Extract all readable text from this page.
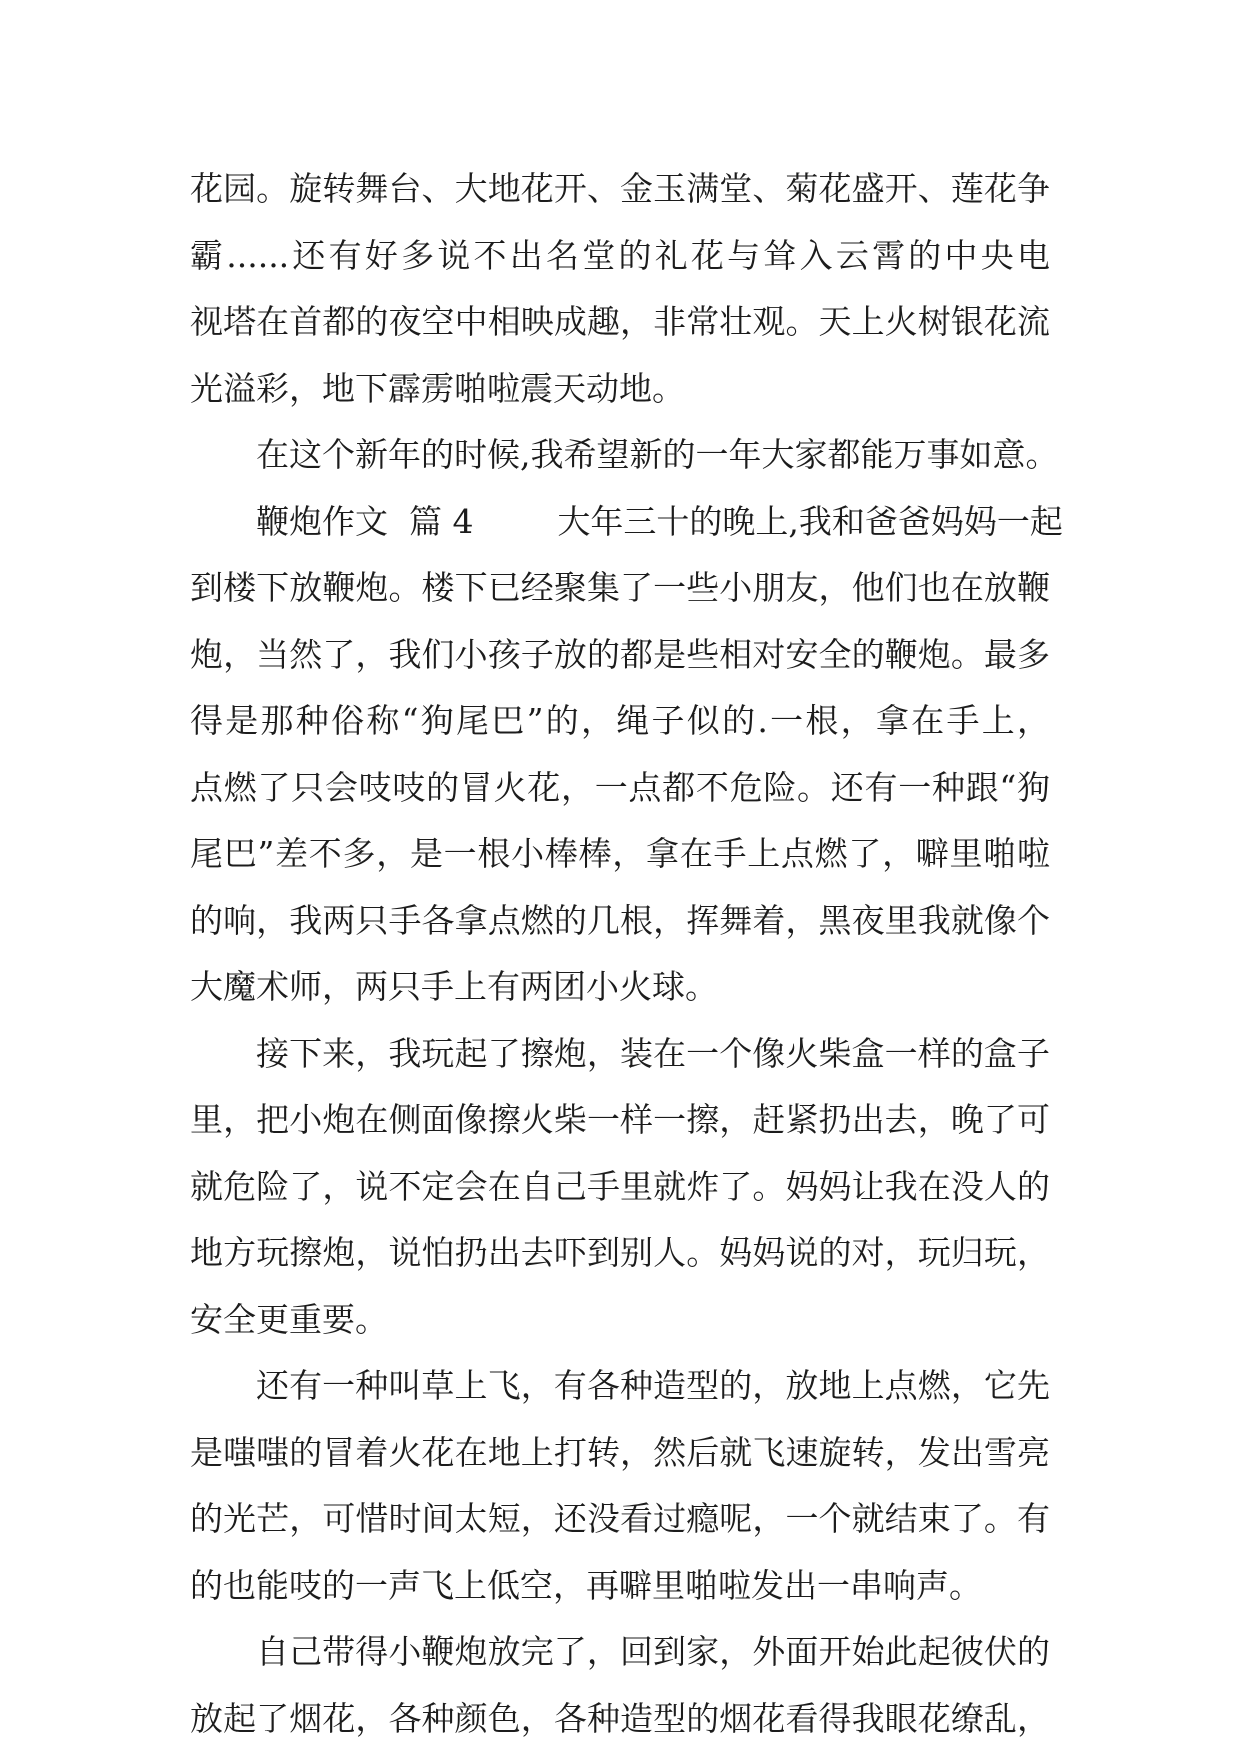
花园。旋转舞台、大地花开、金玉满堂、菊花盛开、莲花争
霸......还有好多说不出名堂的礼花与耸入云霄的中央电
视塔在首都的夜空中相映成趣，非常壮观。天上火树银花流
光溢彩，地下霹雳啪啦震天动地。
在这个新年的时候,我希望新的一年大家都能万事如意。
鞭炮作文  篇 4        大年三十的晚上,我和爸爸妈妈一起
到楼下放鞭炮。楼下已经聚集了一些小朋友，他们也在放鞭
炮，当然了，我们小孩子放的都是些相对安全的鞭炮。最多
得是那种俗称“狗尾巴”的，绳子似的.一根，拿在手上，
点燃了只会吱吱的冒火花，一点都不危险。还有一种跟“狗
尾巴”差不多，是一根小棒棒，拿在手上点燃了，噼里啪啦
的响，我两只手各拿点燃的几根，挥舞着，黑夜里我就像个
大魔术师，两只手上有两团小火球。
接下来，我玩起了擦炮，装在一个像火柴盒一样的盒子
里，把小炮在侧面像擦火柴一样一擦，赶紧扔出去，晚了可
就危险了，说不定会在自己手里就炸了。妈妈让我在没人的
地方玩擦炮，说怕扔出去吓到别人。妈妈说的对，玩归玩，
安全更重要。
还有一种叫草上飞，有各种造型的，放地上点燃，它先
是嗤嗤的冒着火花在地上打转，然后就飞速旋转，发出雪亮
的光芒，可惜时间太短，还没看过瘾呢，一个就结束了。有
的也能吱的一声飞上低空，再噼里啪啦发出一串响声。
自己带得小鞭炮放完了，回到家，外面开始此起彼伏的
放起了烟花，各种颜色，各种造型的烟花看得我眼花缭乱，
